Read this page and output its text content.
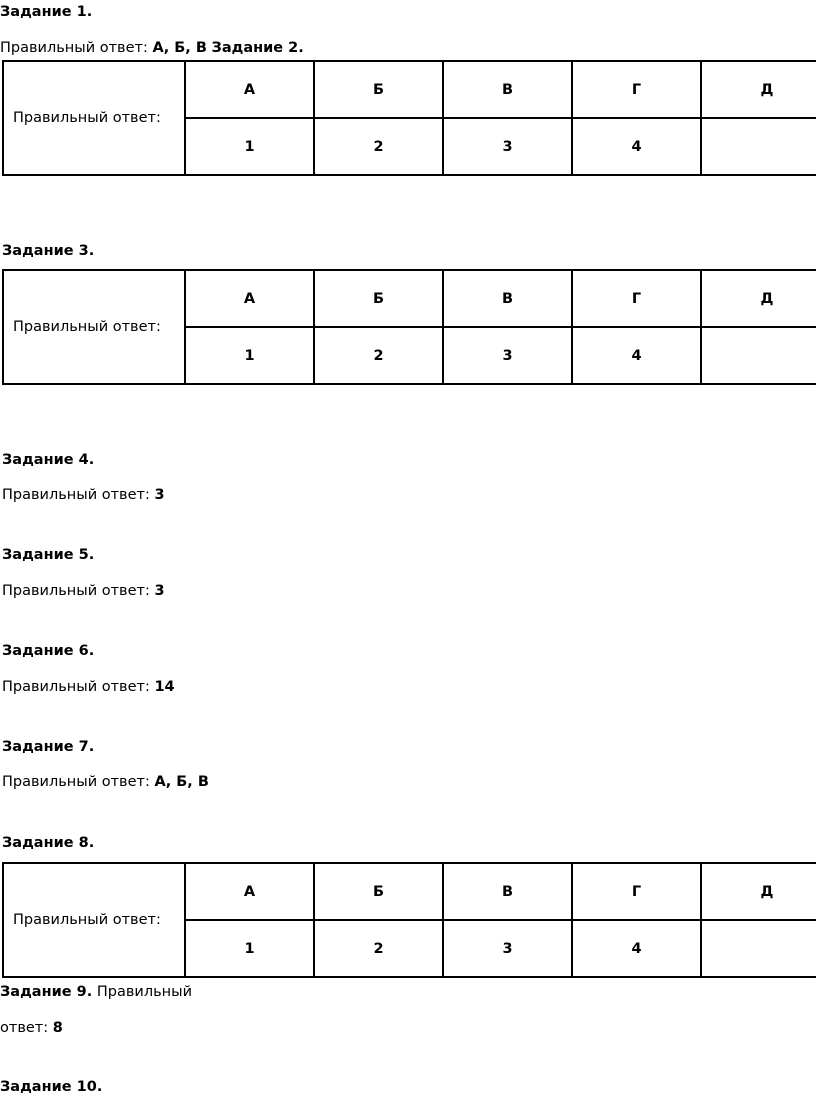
Задание 1.
Правильный ответ: А, Б, В Задание 2.
Правильный ответ:	А	Б	В	Г	Д
	1	2	3	4	
Задание 3.
Правильный ответ:	А	Б	В	Г	Д
	1	2	3	4	
Задание 4.
Правильный ответ: 3
Задание 5.
Правильный ответ: 3
Задание 6.
Правильный ответ: 14
Задание 7.
Правильный ответ: А, Б, В
Задание 8.
Правильный ответ:	А	Б	В	Г	Д
	1	2	3	4	
Задание 9. Правильный
ответ: 8
Задание 10.
